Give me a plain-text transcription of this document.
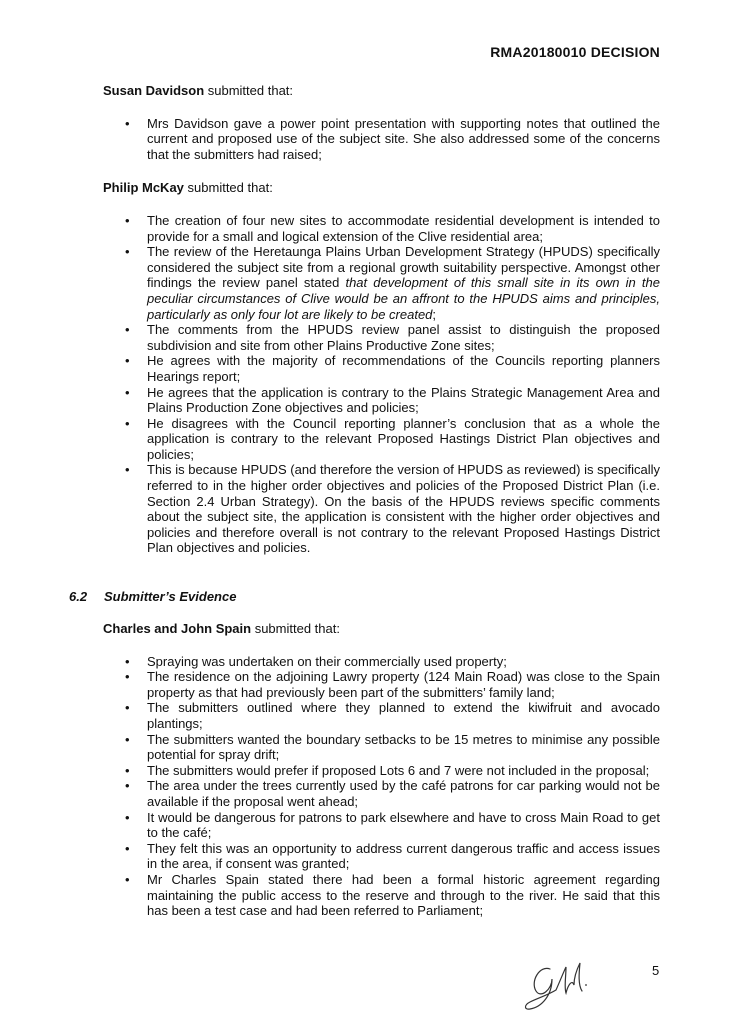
RMA20180010 DECISION

Susan Davidson submitted that:

• Mrs Davidson gave a power point presentation with supporting notes that outlined the current and proposed use of the subject site. She also addressed some of the concerns that the submitters had raised;

Philip McKay submitted that:

• The creation of four new sites to accommodate residential development is intended to provide for a small and logical extension of the Clive residential area;
• The review of the Heretaunga Plains Urban Development Strategy (HPUDS) specifically considered the subject site from a regional growth suitability perspective. Amongst other findings the review panel stated that development of this small site in its own in the peculiar circumstances of Clive would be an affront to the HPUDS aims and principles, particularly as only four lot are likely to be created;
• The comments from the HPUDS review panel assist to distinguish the proposed subdivision and site from other Plains Productive Zone sites;
• He agrees with the majority of recommendations of the Councils reporting planners Hearings report;
• He agrees that the application is contrary to the Plains Strategic Management Area and Plains Production Zone objectives and policies;
• He disagrees with the Council reporting planner’s conclusion that as a whole the application is contrary to the relevant Proposed Hastings District Plan objectives and policies;
• This is because HPUDS (and therefore the version of HPUDS as reviewed) is specifically referred to in the higher order objectives and policies of the Proposed District Plan (i.e. Section 2.4 Urban Strategy). On the basis of the HPUDS reviews specific comments about the subject site, the application is consistent with the higher order objectives and policies and therefore overall is not contrary to the relevant Proposed Hastings District Plan objectives and policies.
6.2 Submitter’s Evidence

Charles and John Spain submitted that:

• Spraying was undertaken on their commercially used property;
• The residence on the adjoining Lawry property (124 Main Road) was close to the Spain property as that had previously been part of the submitters’ family land;
• The submitters outlined where they planned to extend the kiwifruit and avocado plantings;
• The submitters wanted the boundary setbacks to be 15 metres to minimise any possible potential for spray drift;
• The submitters would prefer if proposed Lots 6 and 7 were not included in the proposal;
• The area under the trees currently used by the café patrons for car parking would not be available if the proposal went ahead;
• It would be dangerous for patrons to park elsewhere and have to cross Main Road to get to the café;
• They felt this was an opportunity to address current dangerous traffic and access issues in the area, if consent was granted;
• Mr Charles Spain stated there had been a formal historic agreement regarding maintaining the public access to the reserve and through to the river. He said that this has been a test case and had been referred to Parliament;
5
